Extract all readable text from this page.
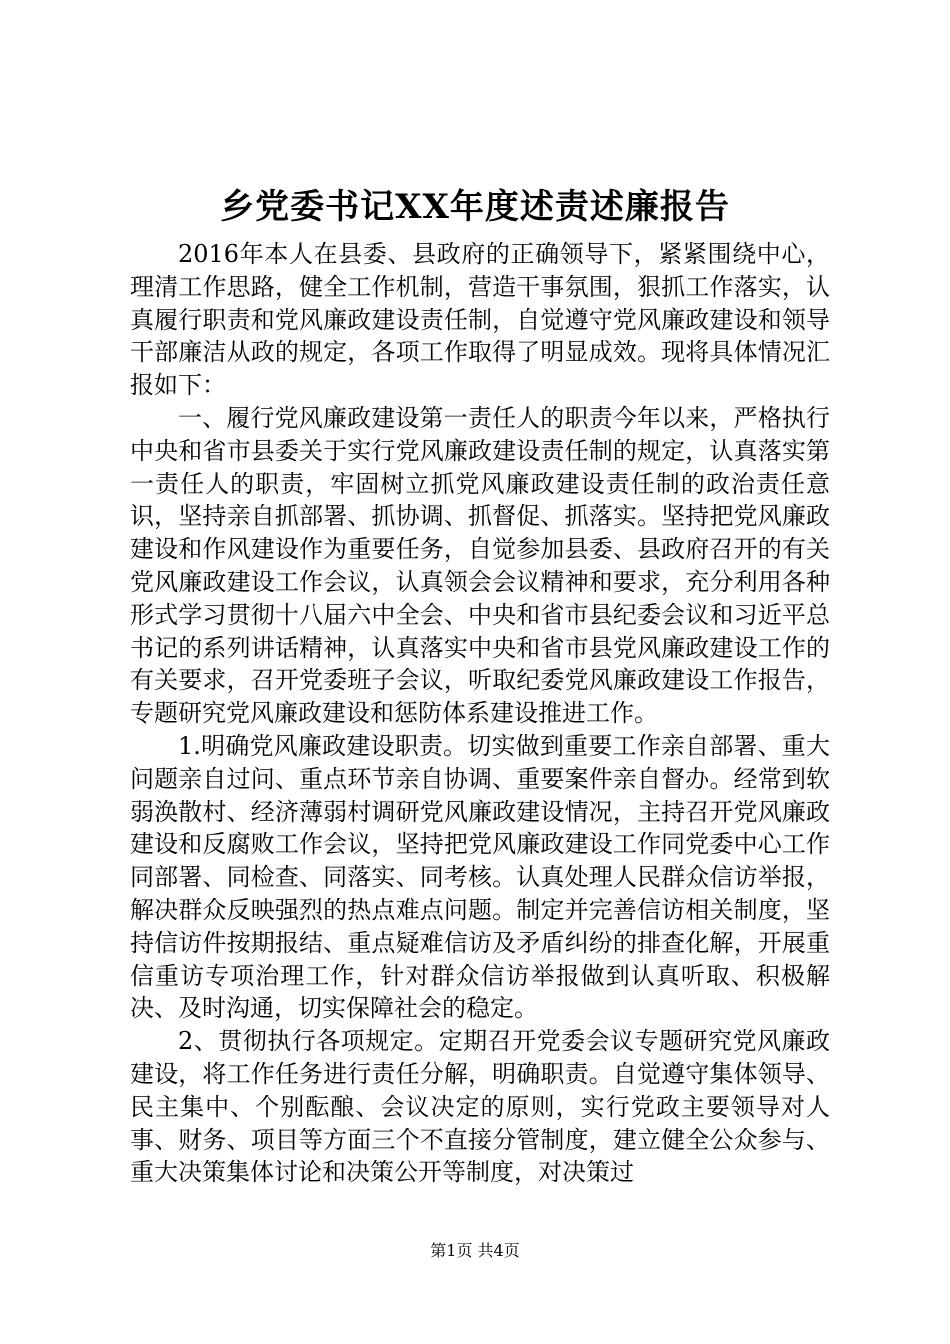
乡党委书记XX年度述责述廉报告

2016年本人在县委、县政府的正确领导下，紧紧围绕中心，理清工作思路，健全工作机制，营造干事氛围，狠抓工作落实，认真履行职责和党风廉政建设责任制，自觉遵守党风廉政建设和领导干部廉洁从政的规定，各项工作取得了明显成效。现将具体情况汇报如下：

一、履行党风廉政建设第一责任人的职责今年以来，严格执行中央和省市县委关于实行党风廉政建设责任制的规定，认真落实第一责任人的职责，牢固树立抓党风廉政建设责任制的政治责任意识，坚持亲自抓部署、抓协调、抓督促、抓落实。坚持把党风廉政建设和作风建设作为重要任务，自觉参加县委、县政府召开的有关党风廉政建设工作会议，认真领会会议精神和要求，充分利用各种形式学习贯彻十八届六中全会、中央和省市县纪委会议和习近平总书记的系列讲话精神，认真落实中央和省市县党风廉政建设工作的有关要求，召开党委班子会议，听取纪委党风廉政建设工作报告，专题研究党风廉政建设和惩防体系建设推进工作。

1.明确党风廉政建设职责。切实做到重要工作亲自部署、重大问题亲自过问、重点环节亲自协调、重要案件亲自督办。经常到软弱涣散村、经济薄弱村调研党风廉政建设情况，主持召开党风廉政建设和反腐败工作会议，坚持把党风廉政建设工作同党委中心工作同部署、同检查、同落实、同考核。认真处理人民群众信访举报，解决群众反映强烈的热点难点问题。制定并完善信访相关制度，坚持信访件按期报结、重点疑难信访及矛盾纠纷的排查化解，开展重信重访专项治理工作，针对群众信访举报做到认真听取、积极解决、及时沟通，切实保障社会的稳定。

2、贯彻执行各项规定。定期召开党委会议专题研究党风廉政建设，将工作任务进行责任分解，明确职责。自觉遵守集体领导、民主集中、个别酝酿、会议决定的原则，实行党政主要领导对人事、财务、项目等方面三个不直接分管制度，建立健全公众参与、重大决策集体讨论和决策公开等制度，对决策过

第1页 共4页
